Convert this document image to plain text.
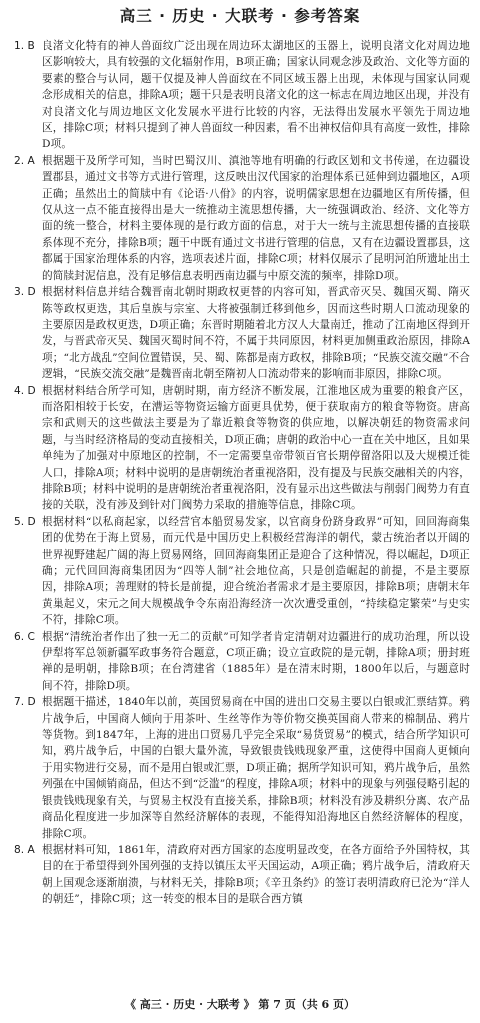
高三 · 历史 · 大联考 · 参考答案
1. B 良渚文化特有的神人兽面纹广泛出现在周边环太湖地区的玉器上，说明良渚文化对周边地区影响较大，具有较强的文化辐射作用，B项正确；国家认同观念涉及政治、文化等方面的要素的整合与认同，题干仅提及神人兽面纹在不同区域玉器上出现，未体现与国家认同观念形成相关的信息，排除A项；题干只是表明良渚文化的这一标志在周边地区出现，并没有对良渚文化与周边地区文化发展水平进行比较的内容，无法得出发展水平领先于周边地区，排除C项；材料只提到了神人兽面纹一种因素，看不出神权信仰具有高度一致性，排除D项。
2. A 根据题干及所学可知，当时巴蜀汉川、滇池等地有明确的行政区划和文书传递，在边疆设置郡县，通过文书等方式进行管理，这反映出汉代国家的治理体系已延伸到边疆地区，A项正确；虽然出土的简牍中有《论语·八佾》的内容，说明儒家思想在边疆地区有所传播，但仅从这一点不能直接得出是大一统推动主流思想传播，大一统强调政治、经济、文化等方面的统一整合，材料主要体现的是行政方面的信息，对于大一统与主流思想传播的直接联系体现不充分，排除B项；题干中既有通过文书进行管理的信息，又有在边疆设置郡县，这都属于国家治理体系的内容，选项表述片面，排除C项；材料仅展示了昆明河泊所遗址出土的简牍封泥信息，没有足够信息表明西南边疆与中原交流的频率，排除D项。
3. D 根据材料信息并结合魏晋南北朝时期政权更替的内容可知，晋武帝灭吴、魏国灭蜀、隋灭陈等政权更迭，其后皇族与宗室、大将被强制迁移到他乡，因而这些时期人口流动现象的主要原因是政权更迭，D项正确；东晋时期随着北方汉人大量南迁，推动了江南地区得到开发，与晋武帝灭吴、魏国灭蜀时间不符，不属于共同原因，材料更加侧重政治原因，排除A项；“北方战乱”空间位置错误，吴、蜀、陈都是南方政权，排除B项；“民族交流交融”不合逻辑，“民族交流交融”是魏晋南北朝至隋初人口流动带来的影响而非原因，排除C项。
4. D 根据材料结合所学可知，唐朝时期，南方经济不断发展，江淮地区成为重要的粮食产区，而洛阳相较于长安，在漕运等物资运输方面更具优势，便于获取南方的粮食等物资。唐高宗和武则天的这些做法主要是为了靠近粮食等物资的供应地，以解决朝廷的物资需求问题，与当时经济格局的变动直接相关，D项正确；唐朝的政治中心一直在关中地区，且如果单纯为了加强对中原地区的控制，不一定需要皇帝带领百官长期停留洛阳以及大规模迁徙人口，排除A项；材料中说明的是唐朝统治者重视洛阳，没有提及与民族交融相关的内容，排除B项；材料中说明的是唐朝统治者重视洛阳，没有显示出这些做法与削弱门阀势力有直接的关联，没有涉及到针对门阀势力采取的措施等信息，排除C项。
5. D 根据材料“以私商起家，以经营官本船贸易发家，以官商身份跻身政界”可知，回回海商集团的优势在于海上贸易，而元代是中国历史上积极经营海洋的朝代，蒙古统治者以开阔的世界视野建起广阔的海上贸易网络，回回海商集团正是迎合了这种情况，得以崛起，D项正确；元代回回海商集团因为“四等人制”社会地位高，只是创造崛起的前提，不是主要原因，排除A项；善理财的特长是前提，迎合统治者需求才是主要原因，排除B项；唐朝末年黄巢起义，宋元之间大规模战争令东南沿海经济一次次遭受重创，“持续稳定繁荣”与史实不符，排除C项。
6. C 根据“清统治者作出了独一无二的贡献”可知学者肯定清朝对边疆进行的成功治理，所以设伊犁将军总领新疆军政事务符合题意，C项正确；设立宣政院的是元朝，排除A项；册封班禅的是明朝，排除B项；在台湾建省（1885年）是在清末时期，1800年以后，与题意时间不符，排除D项。
7. D 根据题干描述，1840年以前，英国贸易商在中国的进出口交易主要以白银或汇票结算。鸦片战争后，中国商人倾向于用茶叶、生丝等作为等价物交换英国商人带来的棉制品、鸦片等货物。到1847年，上海的进出口贸易几乎完全采取“易货贸易”的模式，结合所学知识可知，鸦片战争后，中国的白银大量外流，导致银贵钱贱现象严重，这使得中国商人更倾向于用实物进行交易，而不是用白银或汇票，D项正确；据所学知识可知，鸦片战争后，虽然列强在中国倾销商品，但达不到“泛滥”的程度，排除A项；材料中的现象与列强侵略引起的银贵钱贱现象有关，与贸易主权没有直接关系，排除B项；材料没有涉及耕织分离、农产品商品化程度进一步加深等自然经济解体的表现，不能得知沿海地区自然经济解体的程度，排除C项。
8. A 根据材料可知，1861年，清政府对西方国家的态度明显改变，在各方面给予外国特权，其目的在于希望得到外国列强的支持以镇压太平天国运动，A项正确；鸦片战争后，清政府天朝上国观念逐渐崩溃，与材料无关，排除B项；《辛丑条约》的签订表明清政府已沦为“洋人的朝廷”，排除C项；这一转变的根本目的是联合西方镇
《 高三 · 历史 · 大联考 》 第 7 页（共 6 页）
